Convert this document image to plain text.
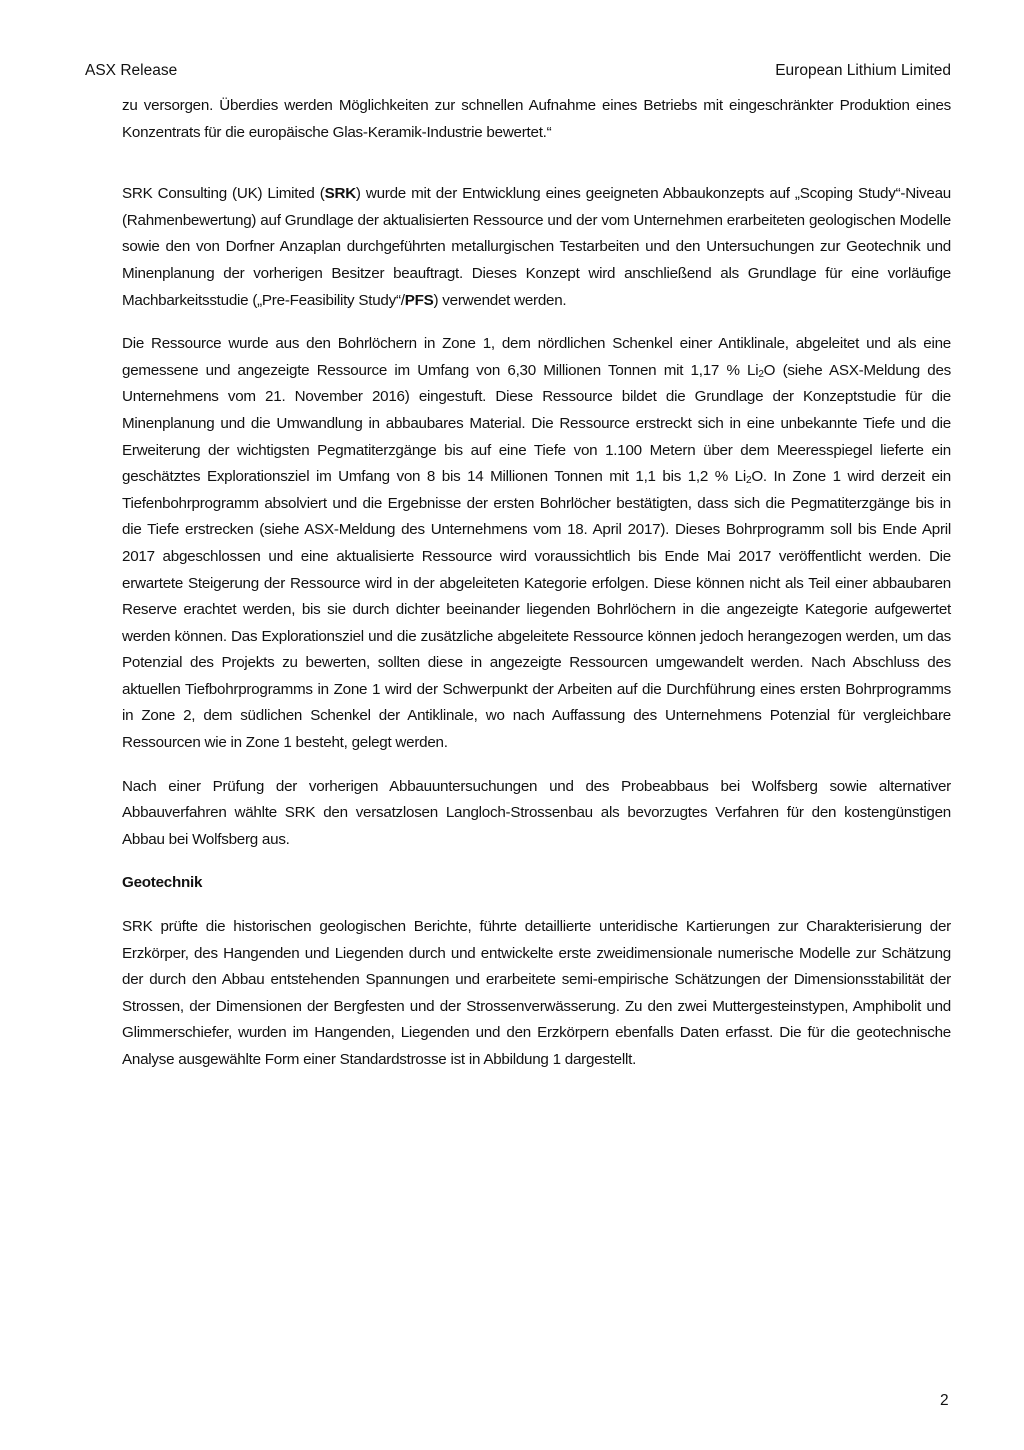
ASX Release	European Lithium Limited

zu versorgen. Überdies werden Möglichkeiten zur schnellen Aufnahme eines Betriebs mit eingeschränkter Produktion eines Konzentrats für die europäische Glas-Keramik-Industrie bewertet.“

SRK Consulting (UK) Limited (SRK) wurde mit der Entwicklung eines geeigneten Abbaukonzepts auf „Scoping Study“-Niveau (Rahmenbewertung) auf Grundlage der aktualisierten Ressource und der vom Unternehmen erarbeiteten geologischen Modelle sowie den von Dorfner Anzaplan durchgeführten metallurgischen Testarbeiten und den Untersuchungen zur Geotechnik und Minenplanung der vorherigen Besitzer beauftragt. Dieses Konzept wird anschließend als Grundlage für eine vorläufige Machbarkeitsstudie („Pre-Feasibility Study“/PFS) verwendet werden.

Die Ressource wurde aus den Bohrlöchern in Zone 1, dem nördlichen Schenkel einer Antiklinale, abgeleitet und als eine gemessene und angezeigte Ressource im Umfang von 6,30 Millionen Tonnen mit 1,17 % $Li_2O$ (siehe ASX-Meldung des Unternehmens vom 21. November 2016) eingestuft. Diese Ressource bildet die Grundlage der Konzeptstudie für die Minenplanung und die Umwandlung in abbaubares Material. Die Ressource erstreckt sich in eine unbekannte Tiefe und die Erweiterung der wichtigsten Pegmatiterzgänge bis auf eine Tiefe von 1.100 Metern über dem Meeresspiegel lieferte ein geschätztes Explorationsziel im Umfang von 8 bis 14 Millionen Tonnen mit 1,1 bis 1,2 % $Li_2O$. In Zone 1 wird derzeit ein Tiefenbohrprogramm absolviert und die Ergebnisse der ersten Bohrlöcher bestätigten, dass sich die Pegmatiterzgänge bis in die Tiefe erstrecken (siehe ASX-Meldung des Unternehmens vom 18. April 2017). Dieses Bohrprogramm soll bis Ende April 2017 abgeschlossen und eine aktualisierte Ressource wird voraussichtlich bis Ende Mai 2017 veröffentlicht werden. Die erwartete Steigerung der Ressource wird in der abgeleiteten Kategorie erfolgen. Diese können nicht als Teil einer abbaubaren Reserve erachtet werden, bis sie durch dichter beeinander liegenden Bohrlöchern in die angezeigte Kategorie aufgewertet werden können. Das Explorationsziel und die zusätzliche abgeleitete Ressource können jedoch herangezogen werden, um das Potenzial des Projekts zu bewerten, sollten diese in angezeigte Ressourcen umgewandelt werden. Nach Abschluss des aktuellen Tiefbohrprogramms in Zone 1 wird der Schwerpunkt der Arbeiten auf die Durchführung eines ersten Bohrprogramms in Zone 2, dem südlichen Schenkel der Antiklinale, wo nach Auffassung des Unternehmens Potenzial für vergleichbare Ressourcen wie in Zone 1 besteht, gelegt werden.

Nach einer Prüfung der vorherigen Abbauuntersuchungen und des Probeabbaus bei Wolfsberg sowie alternativer Abbauverfahren wählte SRK den versatzlosen Langloch-Strossenbau als bevorzugtes Verfahren für den kostengünstigen Abbau bei Wolfsberg aus.

Geotechnik

SRK prüfte die historischen geologischen Berichte, führte detaillierte unteridische Kartierungen zur Charakterisierung der Erzkörper, des Hangenden und Liegenden durch und entwickelte erste zweidimensionale numerische Modelle zur Schätzung der durch den Abbau entstehenden Spannungen und erarbeitete semi-empirische Schätzungen der Dimensionsstabilität der Strossen, der Dimensionen der Bergfesten und der Strossenverwässerung. Zu den zwei Muttergesteinstypen, Amphibolit und Glimmerschiefer, wurden im Hangenden, Liegenden und den Erzkörpern ebenfalls Daten erfasst. Die für die geotechnische Analyse ausgewählte Form einer Standardstrosse ist in Abbildung 1 dargestellt.

2
